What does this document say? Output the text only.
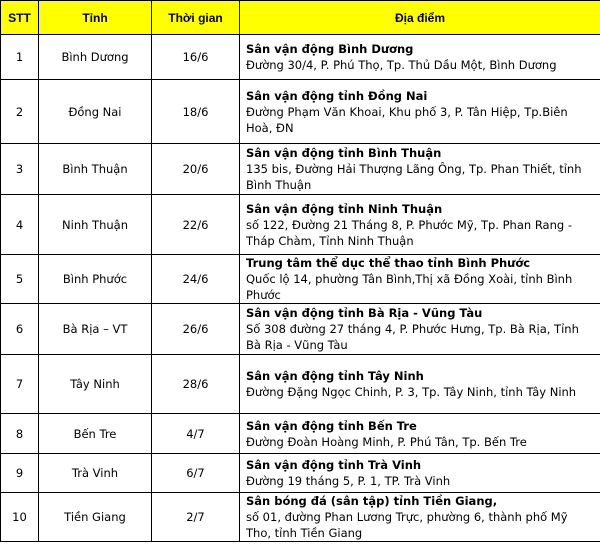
STT	Tỉnh	Thời gian	Địa điểm
1	Bình Dương	16/6	Sân vận động Bình Dương
Đường 30/4, P. Phú Thọ, Tp. Thủ Dầu Một, Bình Dương

2	Đồng Nai	18/6	Sân vận động tỉnh Đồng Nai
Đường Phạm Văn Khoai, Khu phố 3, P. Tân Hiệp, Tp.Biên Hoà, ĐN

3	Bình Thuận	20/6	Sân vận động tỉnh Bình Thuận
135 bis, Đường Hải Thượng Lãng Ông, Tp. Phan Thiết, tỉnh Bình Thuận

4	Ninh Thuận	22/6	Sân vận động tỉnh Ninh Thuận
số 122, Đường 21 Tháng 8, P. Phước Mỹ, Tp. Phan Rang - Tháp Chàm, Tỉnh Ninh Thuận

5	Bình Phước	24/6	Trung tâm thể dục thể thao tỉnh Bình Phước
Quốc lộ 14, phường Tân Bình,Thị xã Đồng Xoài, tỉnh Bình Phước

6	Bà Rịa – VT	26/6	Sân vận động tỉnh Bà Rịa - Vũng Tàu
Số 308 đường 27 tháng 4, P. Phước Hưng, Tp. Bà Rịa, Tỉnh Bà Rịa - Vũng Tàu

7	Tây Ninh	28/6	Sân vận động tỉnh Tây Ninh
Đường Đặng Ngọc Chinh, P. 3, Tp. Tây Ninh, tỉnh Tây Ninh

8	Bến Tre	4/7	Sân vận động tỉnh Bến Tre
Đường Đoàn Hoàng Minh, P. Phú Tân, Tp. Bến Tre

9	Trà Vinh	6/7	Sân vận động tỉnh Trà Vinh
Đường 19 tháng 5, P. 1, TP. Trà Vinh

10	Tiền Giang	2/7	Sân bóng đá (sân tập) tỉnh Tiền Giang,
số 01, đường Phan Lương Trực, phường 6, thành phố Mỹ Tho, tỉnh Tiền Giang
